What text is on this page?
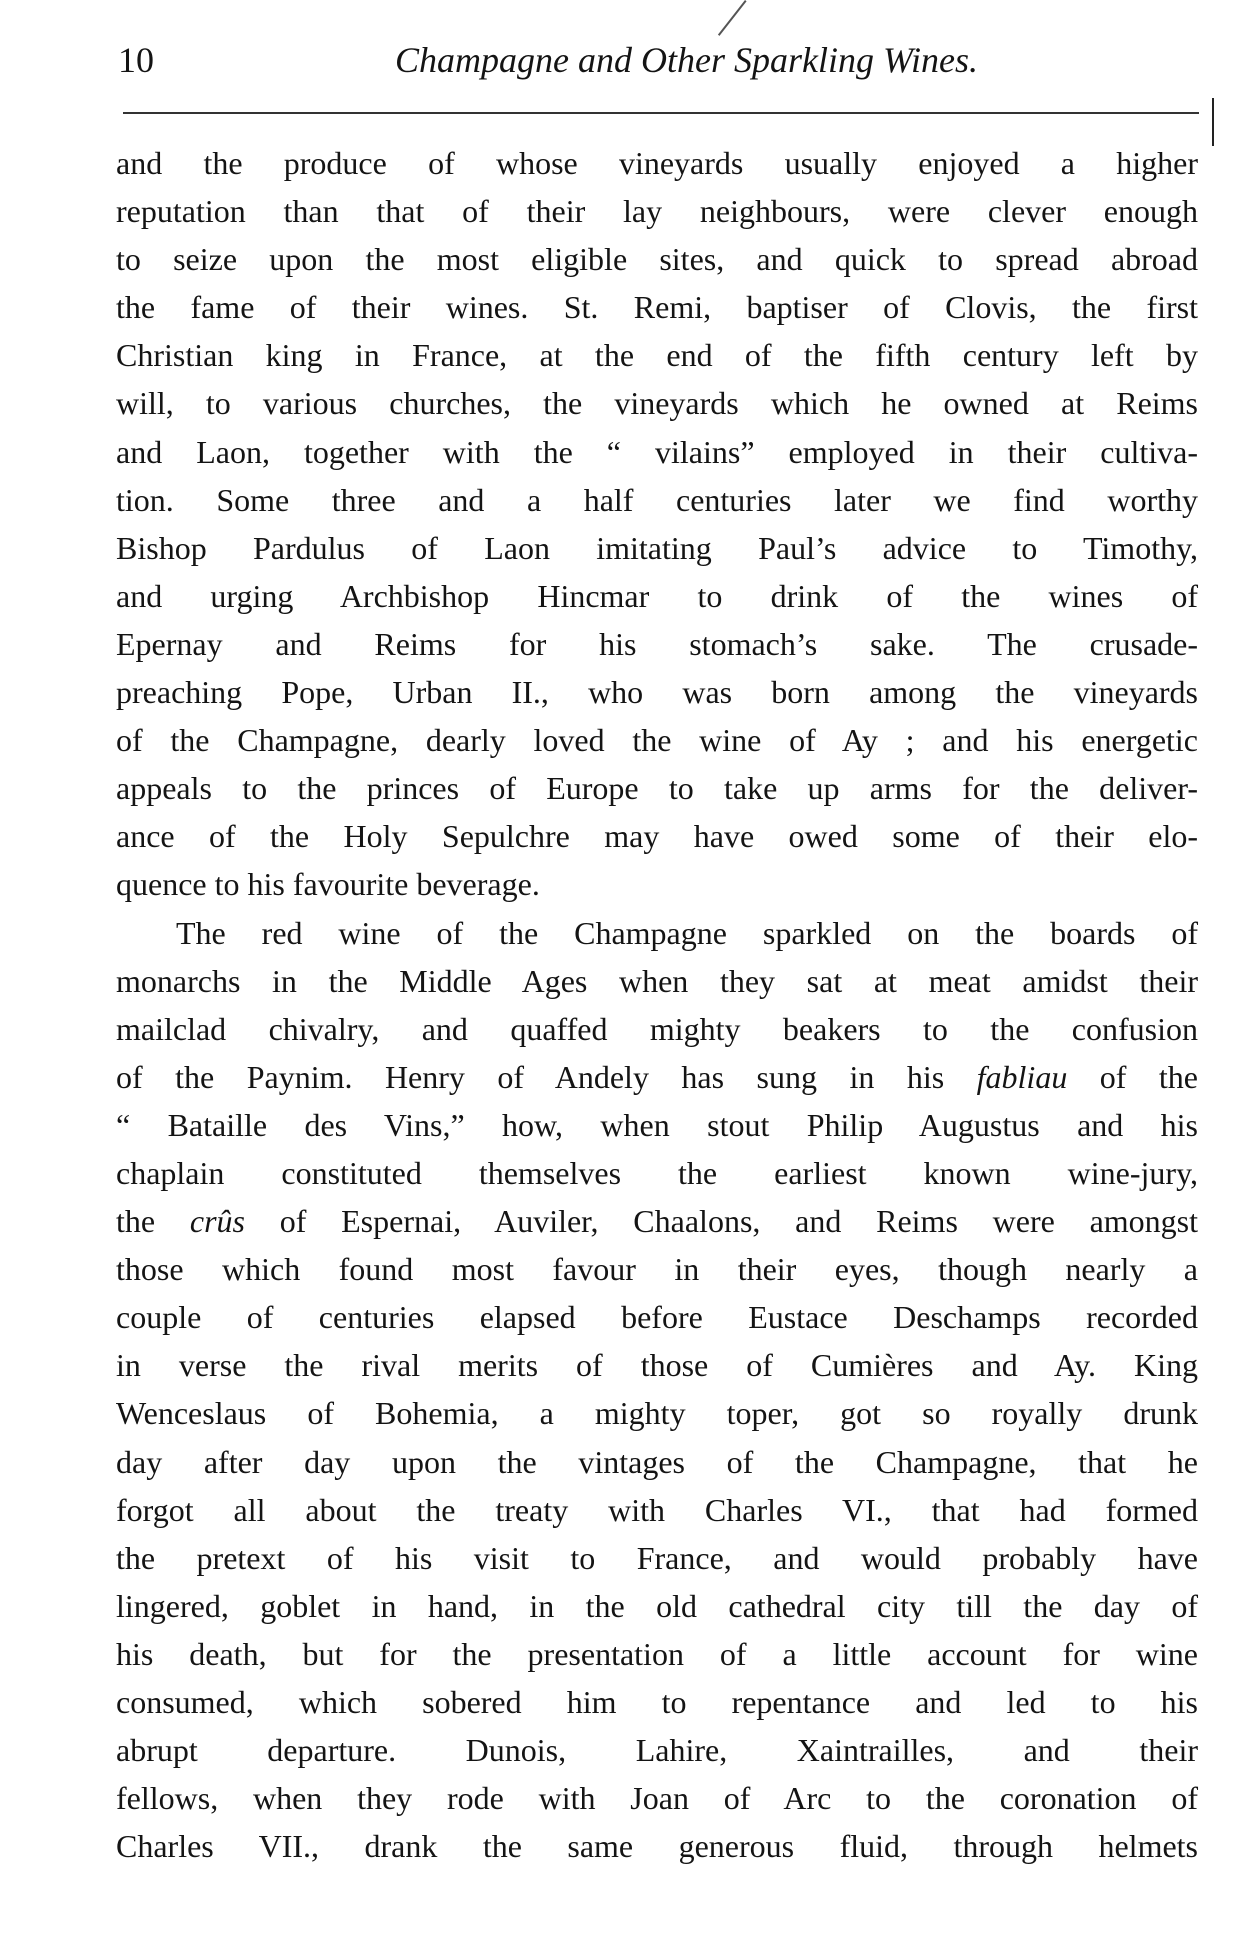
10	Champagne and Other Sparkling Wines.

and the produce of whose vineyards usually enjoyed a higher
reputation than that of their lay neighbours, were clever enough
to seize upon the most eligible sites, and quick to spread abroad
the fame of their wines. St. Remi, baptiser of Clovis, the first
Christian king in France, at the end of the fifth century left by
will, to various churches, the vineyards which he owned at Reims
and Laon, together with the “ vilains” employed in their cultiva-
tion. Some three and a half centuries later we find worthy
Bishop Pardulus of Laon imitating Paul’s advice to Timothy,
and urging Archbishop Hincmar to drink of the wines of
Epernay and Reims for his stomach’s sake. The crusade-
preaching Pope, Urban II., who was born among the vineyards
of the Champagne, dearly loved the wine of Ay ; and his energetic
appeals to the princes of Europe to take up arms for the deliver-
ance of the Holy Sepulchre may have owed some of their elo-
quence to his favourite beverage.

The red wine of the Champagne sparkled on the boards of
monarchs in the Middle Ages when they sat at meat amidst their
mailclad chivalry, and quaffed mighty beakers to the confusion
of the Paynim. Henry of Andely has sung in his fabliau of the
“ Bataille des Vins,” how, when stout Philip Augustus and his
chaplain constituted themselves the earliest known wine-jury,
the crûs of Espernai, Auviler, Chaalons, and Reims were amongst
those which found most favour in their eyes, though nearly a
couple of centuries elapsed before Eustace Deschamps recorded
in verse the rival merits of those of Cumières and Ay. King
Wenceslaus of Bohemia, a mighty toper, got so royally drunk
day after day upon the vintages of the Champagne, that he
forgot all about the treaty with Charles VI., that had formed
the pretext of his visit to France, and would probably have
lingered, goblet in hand, in the old cathedral city till the day of
his death, but for the presentation of a little account for wine
consumed, which sobered him to repentance and led to his
abrupt departure. Dunois, Lahire, Xaintrailles, and their
fellows, when they rode with Joan of Arc to the coronation of
Charles VII., drank the same generous fluid, through helmets
